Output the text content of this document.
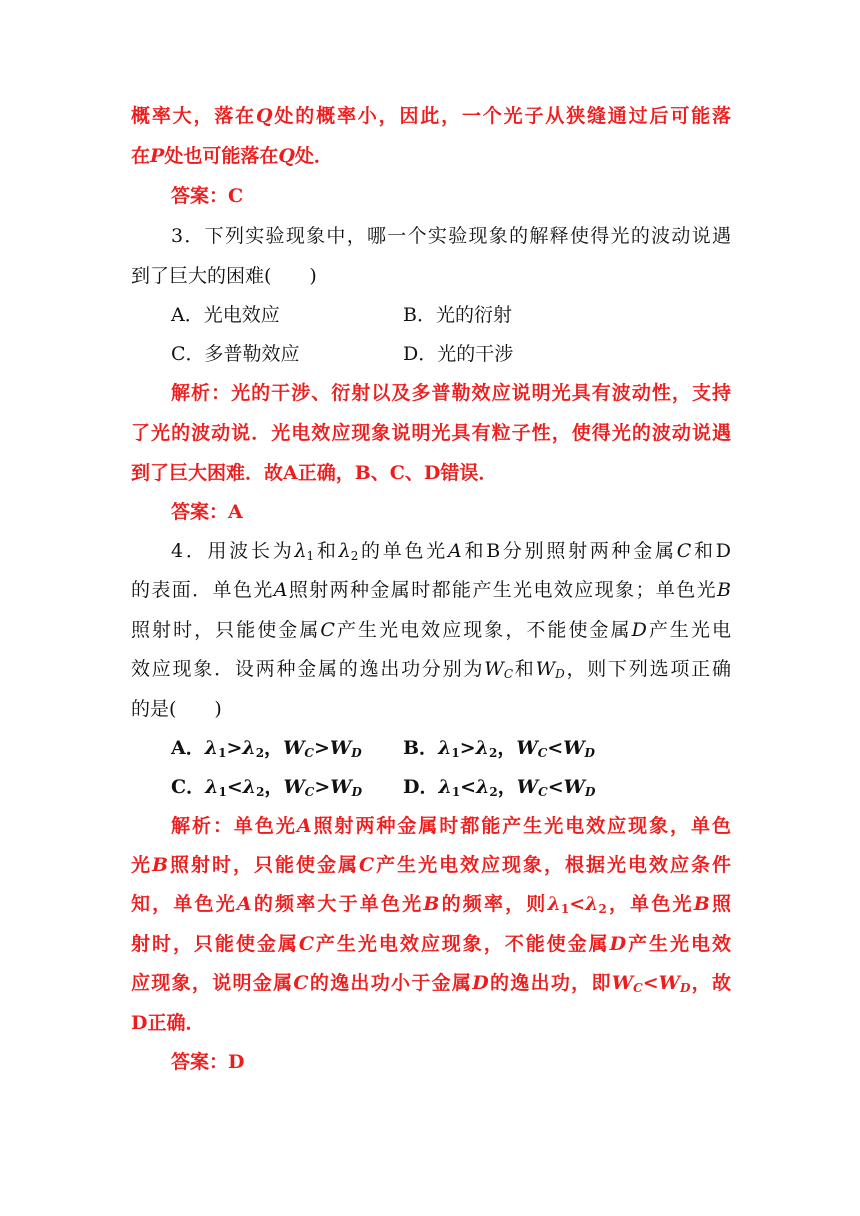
概率大，落在Q处的概率小，因此，一个光子从狭缝通过后可能落
在P处也可能落在Q处．
答案：C
3．下列实验现象中，哪一个实验现象的解释使得光的波动说遇
到了巨大的困难(　　)
A．光电效应	B．光的衍射
C．多普勒效应	D．光的干涉
解析：光的干涉、衍射以及多普勒效应说明光具有波动性，支持
了光的波动说．光电效应现象说明光具有粒子性，使得光的波动说遇
到了巨大困难．故A正确，B、C、D错误．
答案：A
4．用波长为$\lambda_1$和$\lambda_2$的单色光A和B分别照射两种金属C和D
的表面．单色光A照射两种金属时都能产生光电效应现象；单色光B
照射时，只能使金属C产生光电效应现象，不能使金属D产生光电
效应现象．设两种金属的逸出功分别为$W_C$和$W_D$，则下列选项正确
的是(　　)
A．$\lambda_1>\lambda_2$，$W_C>W_D$ B．$\lambda_1>\lambda_2$，$W_C<W_D$
C．$\lambda_1<\lambda_2$，$W_C>W_D$ D．$\lambda_1<\lambda_2$，$W_C<W_D$
解析：单色光A照射两种金属时都能产生光电效应现象，单色
光B照射时，只能使金属C产生光电效应现象，根据光电效应条件
知，单色光A的频率大于单色光B的频率，则$\lambda_1<\lambda_2$，单色光B照
射时，只能使金属C产生光电效应现象，不能使金属D产生光电效
应现象，说明金属C的逸出功小于金属D的逸出功，即$W_C<W_D$，故
D正确．
答案：D
